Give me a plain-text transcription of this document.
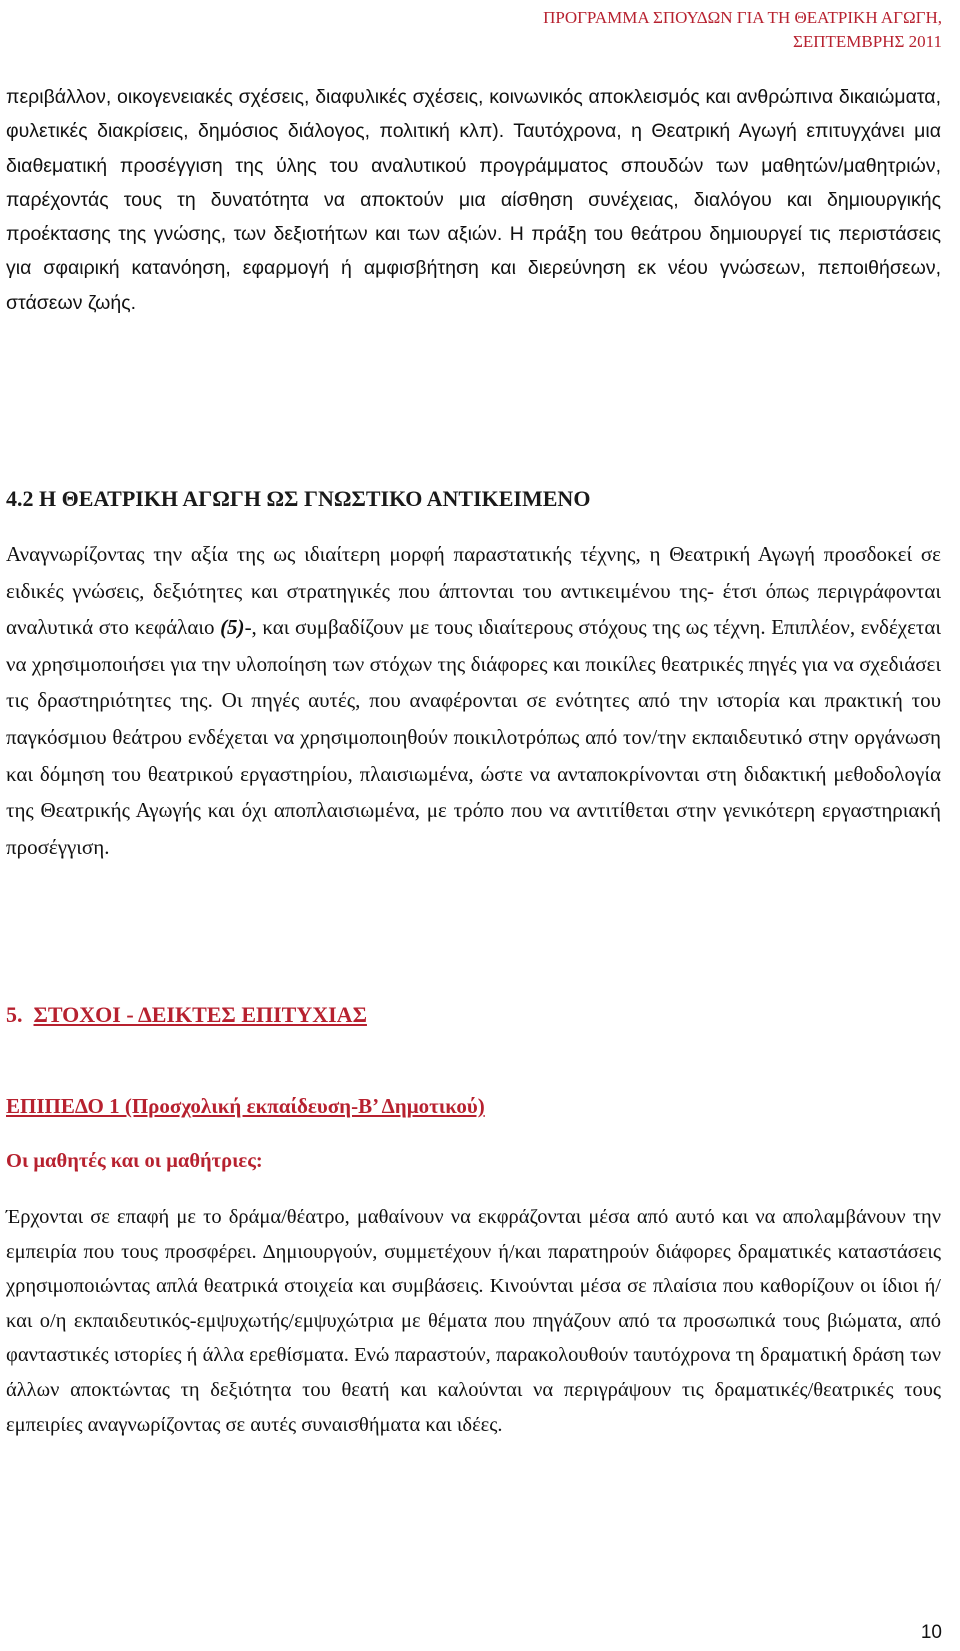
ΠΡΟΓΡΑΜΜΑ ΣΠΟΥΔΩΝ ΓΙΑ ΤΗ ΘΕΑΤΡΙΚΗ ΑΓΩΓΗ,
ΣΕΠΤΕΜΒΡΗΣ 2011

περιβάλλον, οικογενειακές σχέσεις, διαφυλικές σχέσεις, κοινωνικός αποκλεισμός και ανθρώπινα δικαιώματα, φυλετικές διακρίσεις, δημόσιος διάλογος, πολιτική κλπ). Ταυτόχρονα, η Θεατρική Αγωγή επιτυγχάνει μια διαθεματική προσέγγιση της ύλης του αναλυτικού προγράμματος σπουδών των μαθητών/μαθητριών, παρέχοντάς τους τη δυνατότητα να αποκτούν μια αίσθηση συνέχειας, διαλόγου και δημιουργικής προέκτασης της γνώσης, των δεξιοτήτων και των αξιών. Η πράξη του θεάτρου δημιουργεί τις περιστάσεις για σφαιρική κατανόηση, εφαρμογή ή αμφισβήτηση και διερεύνηση εκ νέου γνώσεων, πεποιθήσεων, στάσεων ζωής.

4.2 Η ΘΕΑΤΡΙΚΗ ΑΓΩΓΗ ΩΣ ΓΝΩΣΤΙΚΟ ΑΝΤΙΚΕΙΜΕΝΟ

Αναγνωρίζοντας την αξία της ως ιδιαίτερη μορφή παραστατικής τέχνης, η Θεατρική Αγωγή προσδοκεί σε ειδικές γνώσεις, δεξιότητες και στρατηγικές που άπτονται του αντικειμένου της- έτσι όπως περιγράφονται αναλυτικά στο κεφάλαιο (5)-, και συμβαδίζουν με τους ιδιαίτερους στόχους της ως τέχνη. Επιπλέον, ενδέχεται να χρησιμοποιήσει για την υλοποίηση των στόχων της διάφορες και ποικίλες θεατρικές πηγές για να σχεδιάσει τις δραστηριότητες της. Οι πηγές αυτές, που αναφέρονται σε ενότητες από την ιστορία και πρακτική του παγκόσμιου θεάτρου ενδέχεται να χρησιμοποιηθούν ποικιλοτρόπως από τον/την εκπαιδευτικό στην οργάνωση και δόμηση του θεατρικού εργαστηρίου, πλαισιωμένα, ώστε να ανταποκρίνονται στη διδακτική μεθοδολογία της Θεατρικής Αγωγής και όχι αποπλαισιωμένα, με τρόπο που να αντιτίθεται στην γενικότερη εργαστηριακή προσέγγιση.

5. ΣΤΟΧΟΙ - ΔΕΙΚΤΕΣ ΕΠΙΤΥΧΙΑΣ
ΕΠΙΠΕΔΟ 1 (Προσχολική εκπαίδευση-Β’ Δημοτικού)
Οι μαθητές και οι μαθήτριες:

Έρχονται σε επαφή με το δράμα/θέατρο, μαθαίνουν να εκφράζονται μέσα από αυτό και να απολαμβάνουν την εμπειρία που τους προσφέρει. Δημιουργούν, συμμετέχουν ή/και παρατηρούν διάφορες δραματικές καταστάσεις χρησιμοποιώντας απλά θεατρικά στοιχεία και συμβάσεις. Κινούνται μέσα σε πλαίσια που καθορίζουν οι ίδιοι ή/και ο/η εκπαιδευτικός-εμψυχωτής/εμψυχώτρια με θέματα που πηγάζουν από τα προσωπικά τους βιώματα, από φανταστικές ιστορίες ή άλλα ερεθίσματα. Ενώ παραστούν, παρακολουθούν ταυτόχρονα τη δραματική δράση των άλλων αποκτώντας τη δεξιότητα του θεατή και καλούνται να περιγράψουν τις δραματικές/θεατρικές τους εμπειρίες αναγνωρίζοντας σε αυτές συναισθήματα και ιδέες.

10
